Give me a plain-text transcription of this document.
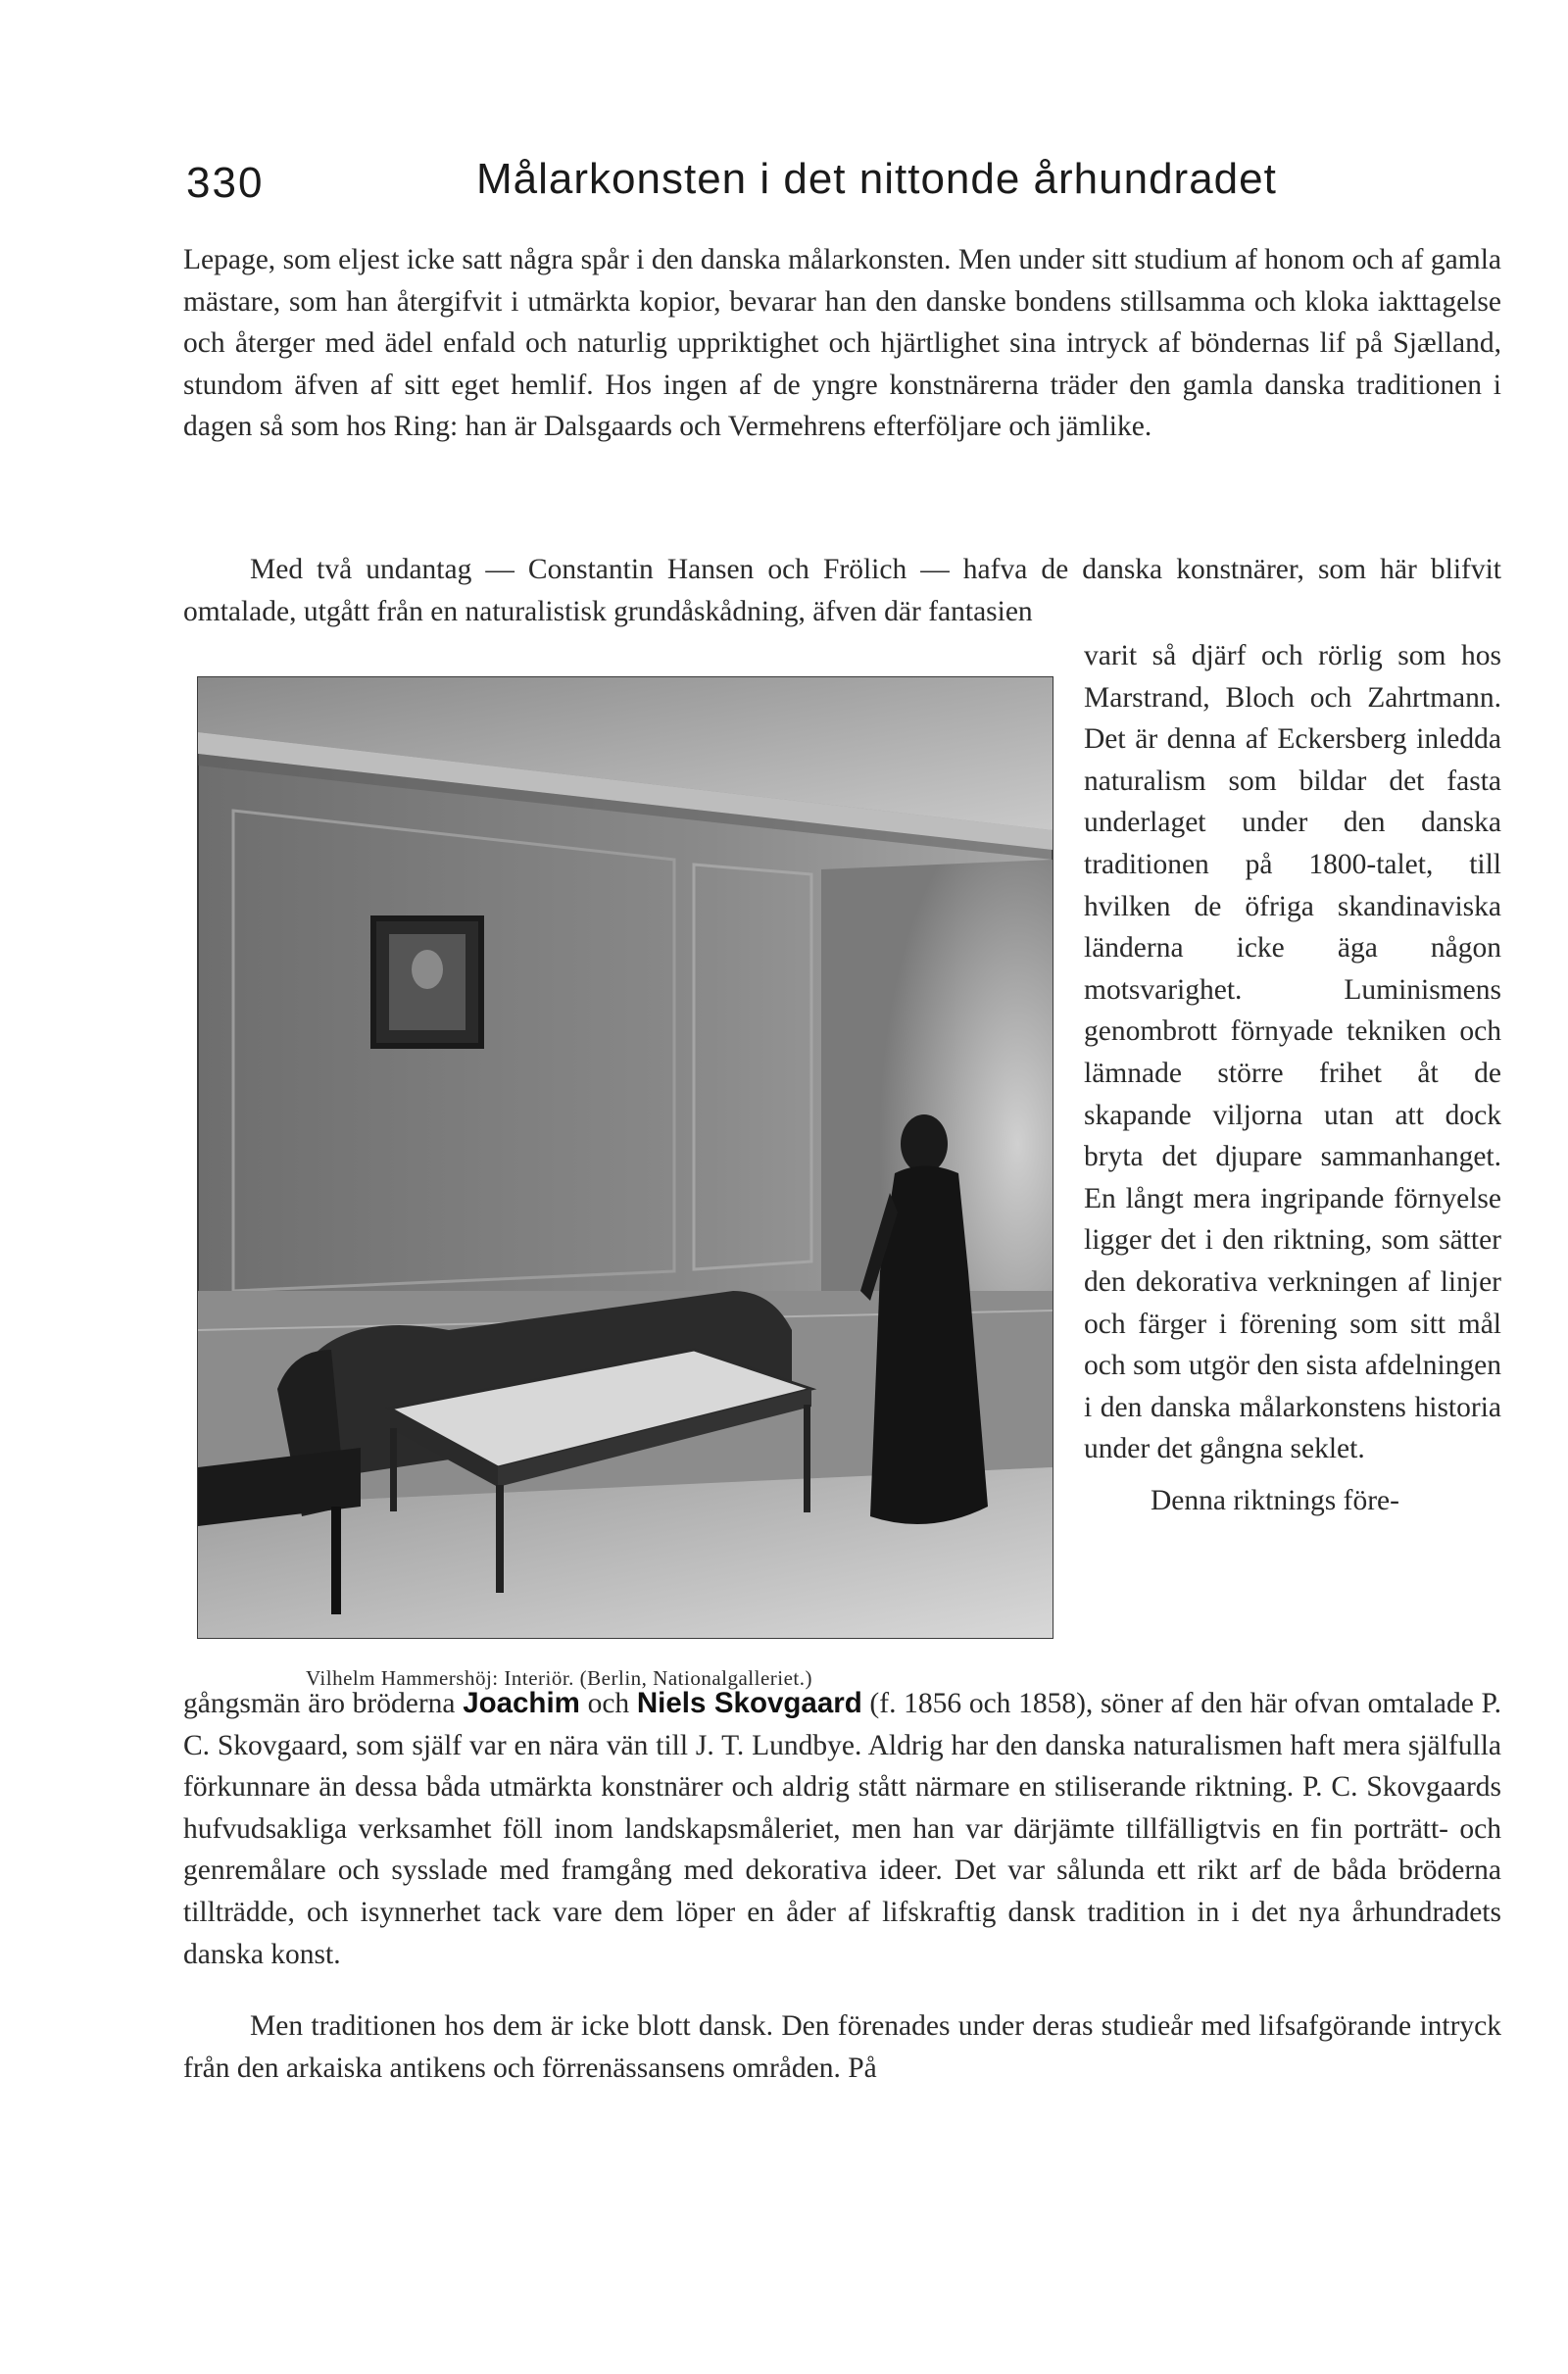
330	Målarkonsten i det nittonde århundradet

Lepage, som eljest icke satt några spår i den danska målarkonsten. Men under sitt studium af honom och af gamla mästare, som han återgifvit i utmärkta kopior, bevarar han den danske bondens stillsamma och kloka iakttagelse och återger med ädel enfald och naturlig uppriktighet och hjärtlighet sina intryck af böndernas lif på Sjælland, stundom äfven af sitt eget hemlif. Hos ingen af de yngre konstnärerna träder den gamla danska traditionen i dagen så som hos Ring: han är Dalsgaards och Vermehrens efterföljare och jämlike.

Med två undantag — Constantin Hansen och Frölich — hafva de danska konstnärer, som här blifvit omtalade, utgått från en naturalistisk grundåskådning, äfven där fantasien

Vilhelm Hammershöj: Interiör. (Berlin, Nationalgalleriet.)

varit så djärf och rörlig som hos Marstrand, Bloch och Zahrtmann. Det är denna af Eckersberg inledda naturalism som bildar det fasta underlaget under den danska traditionen på 1800-talet, till hvilken de öfriga skandinaviska länderna icke äga någon motsvarighet. Luminismens genombrott förnyade tekniken och lämnade större frihet åt de skapande viljorna utan att dock bryta det djupare sammanhanget. En långt mera ingripande förnyelse ligger det i den riktning, som sätter den dekorativa verkningen af linjer och färger i förening som sitt mål och som utgör den sista afdelningen i den danska målarkonstens historia under det gångna seklet.
Denna riktnings före-

gångsmän äro bröderna Joachim och Niels Skovgaard (f. 1856 och 1858), söner af den här ofvan omtalade P. C. Skovgaard, som själf var en nära vän till J. T. Lundbye. Aldrig har den danska naturalismen haft mera själfulla förkunnare än dessa båda utmärkta konstnärer och aldrig stått närmare en stiliserande riktning. P. C. Skovgaards hufvudsakliga verksamhet föll inom landskapsmåleriet, men han var därjämte tillfälligtvis en fin porträtt- och genremålare och sysslade med framgång med dekorativa ideer. Det var sålunda ett rikt arf de båda bröderna tillträdde, och isynnerhet tack vare dem löper en åder af lifskraftig dansk tradition in i det nya århundradets danska konst.

Men traditionen hos dem är icke blott dansk. Den förenades under deras studieår med lifsafgörande intryck från den arkaiska antikens och förrenässansens områden. På
